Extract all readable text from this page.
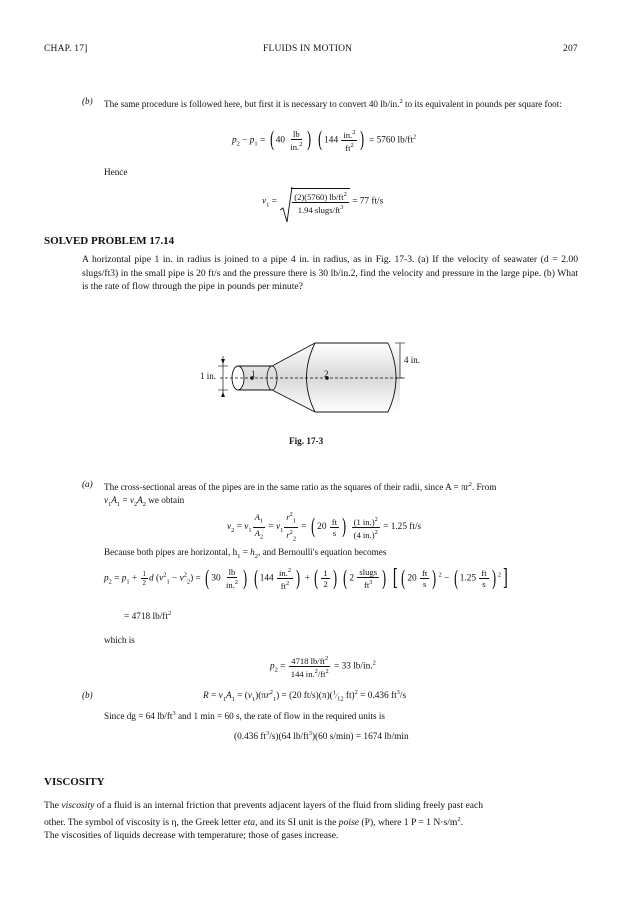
CHAP. 17]	FLUIDS IN MOTION	207
(b) The same procedure is followed here, but first it is necessary to convert 40 lb/in.$^2$ to its equivalent in pounds per square foot:
$p_2 - p_1$ = ( $40 \frac{lb}{in.^2}$ ) ( $144 \frac{in.^2}{ft^2}$ ) = 5760 $lb/ft^2$
Hence
$v_1 = \frac{(2)(5760) lb/ft^2}{1.94 slugs/ft^3} = 77$ ft/s
SOLVED PROBLEM 17.14
A horizontal pipe 1 in. in radius is joined to a pipe 4 in. in radius, as in Fig. 17-3. (a) If the velocity of seawater (d = 2.00 slugs/ft3) in the small pipe is 20 ft/s and the pressure there is 30 lb/in.2, find the velocity and pressure in the large pipe. (b) What is the rate of flow through the pipe in pounds per minute?
1 in.
4 in.
1	2
Fig. 17-3
(a) The cross-sectional areas of the pipes are in the same ratio as the squares of their radii, since $A = \pi r^2$. From
$v_1A_1 = v_2A_2$ we obtain
$v_2 = v_1 \frac{A_1}{A_2} = v_1 \frac{r^2_1}{r^2_2}$ = ( $20 \frac{ft}{s}$ ) $\frac{(1 in.)^2}{(4 in.)^2} = 1.25$ ft/s
Because both pipes are horizontal, $h_1 = h_2$, and Bernoulli's equation becomes
$p_2 = p_1 + \frac{1}{2}$ d $(v^2_1 - v^2_2)$ = ( $30 \frac{lb}{in.^2}$ ) ( $144 \frac{in.^2}{ft^2}$ ) + ( $\frac{1}{2}$ ) ( $2 \frac{\text{slugs}}{ft^3}$ ) [ ( $20 \frac{ft}{s}$ ) $^2$ − ( $1.25 \frac{ft}{s}$ ) $^2$]
= 4718 $lb/ft^2$
which is
$p_2 = \frac{4718 lb/ft^2}{144 in.^2/ft^2} = 33$ lb/in.$^2$
(b)	$R = v_1A_1 = (v_1)(\pi r^2_1) = (20$ $ft/s)(\pi)(^1⁄_{12}$ ft)$^2$ = 0.436 $ft^3/s$
Since dg = 64 $lb/ft^3$ and 1 min = 60 s, the rate of flow in the required units is
(0.436 $ft^3/s)(64$ $lb/ft^3)(60$ s/min) = 1674 lb/min
VISCOSITY
The viscosity of a fluid is an internal friction that prevents adjacent layers of the fluid from sliding freely past each
other. The symbol of viscosity is η, the Greek letter eta, and its SI unit is the poise (P), where 1 P = 1 $N\cdot s/m^2$.
The viscosities of liquids decrease with temperature; those of gases increase.
